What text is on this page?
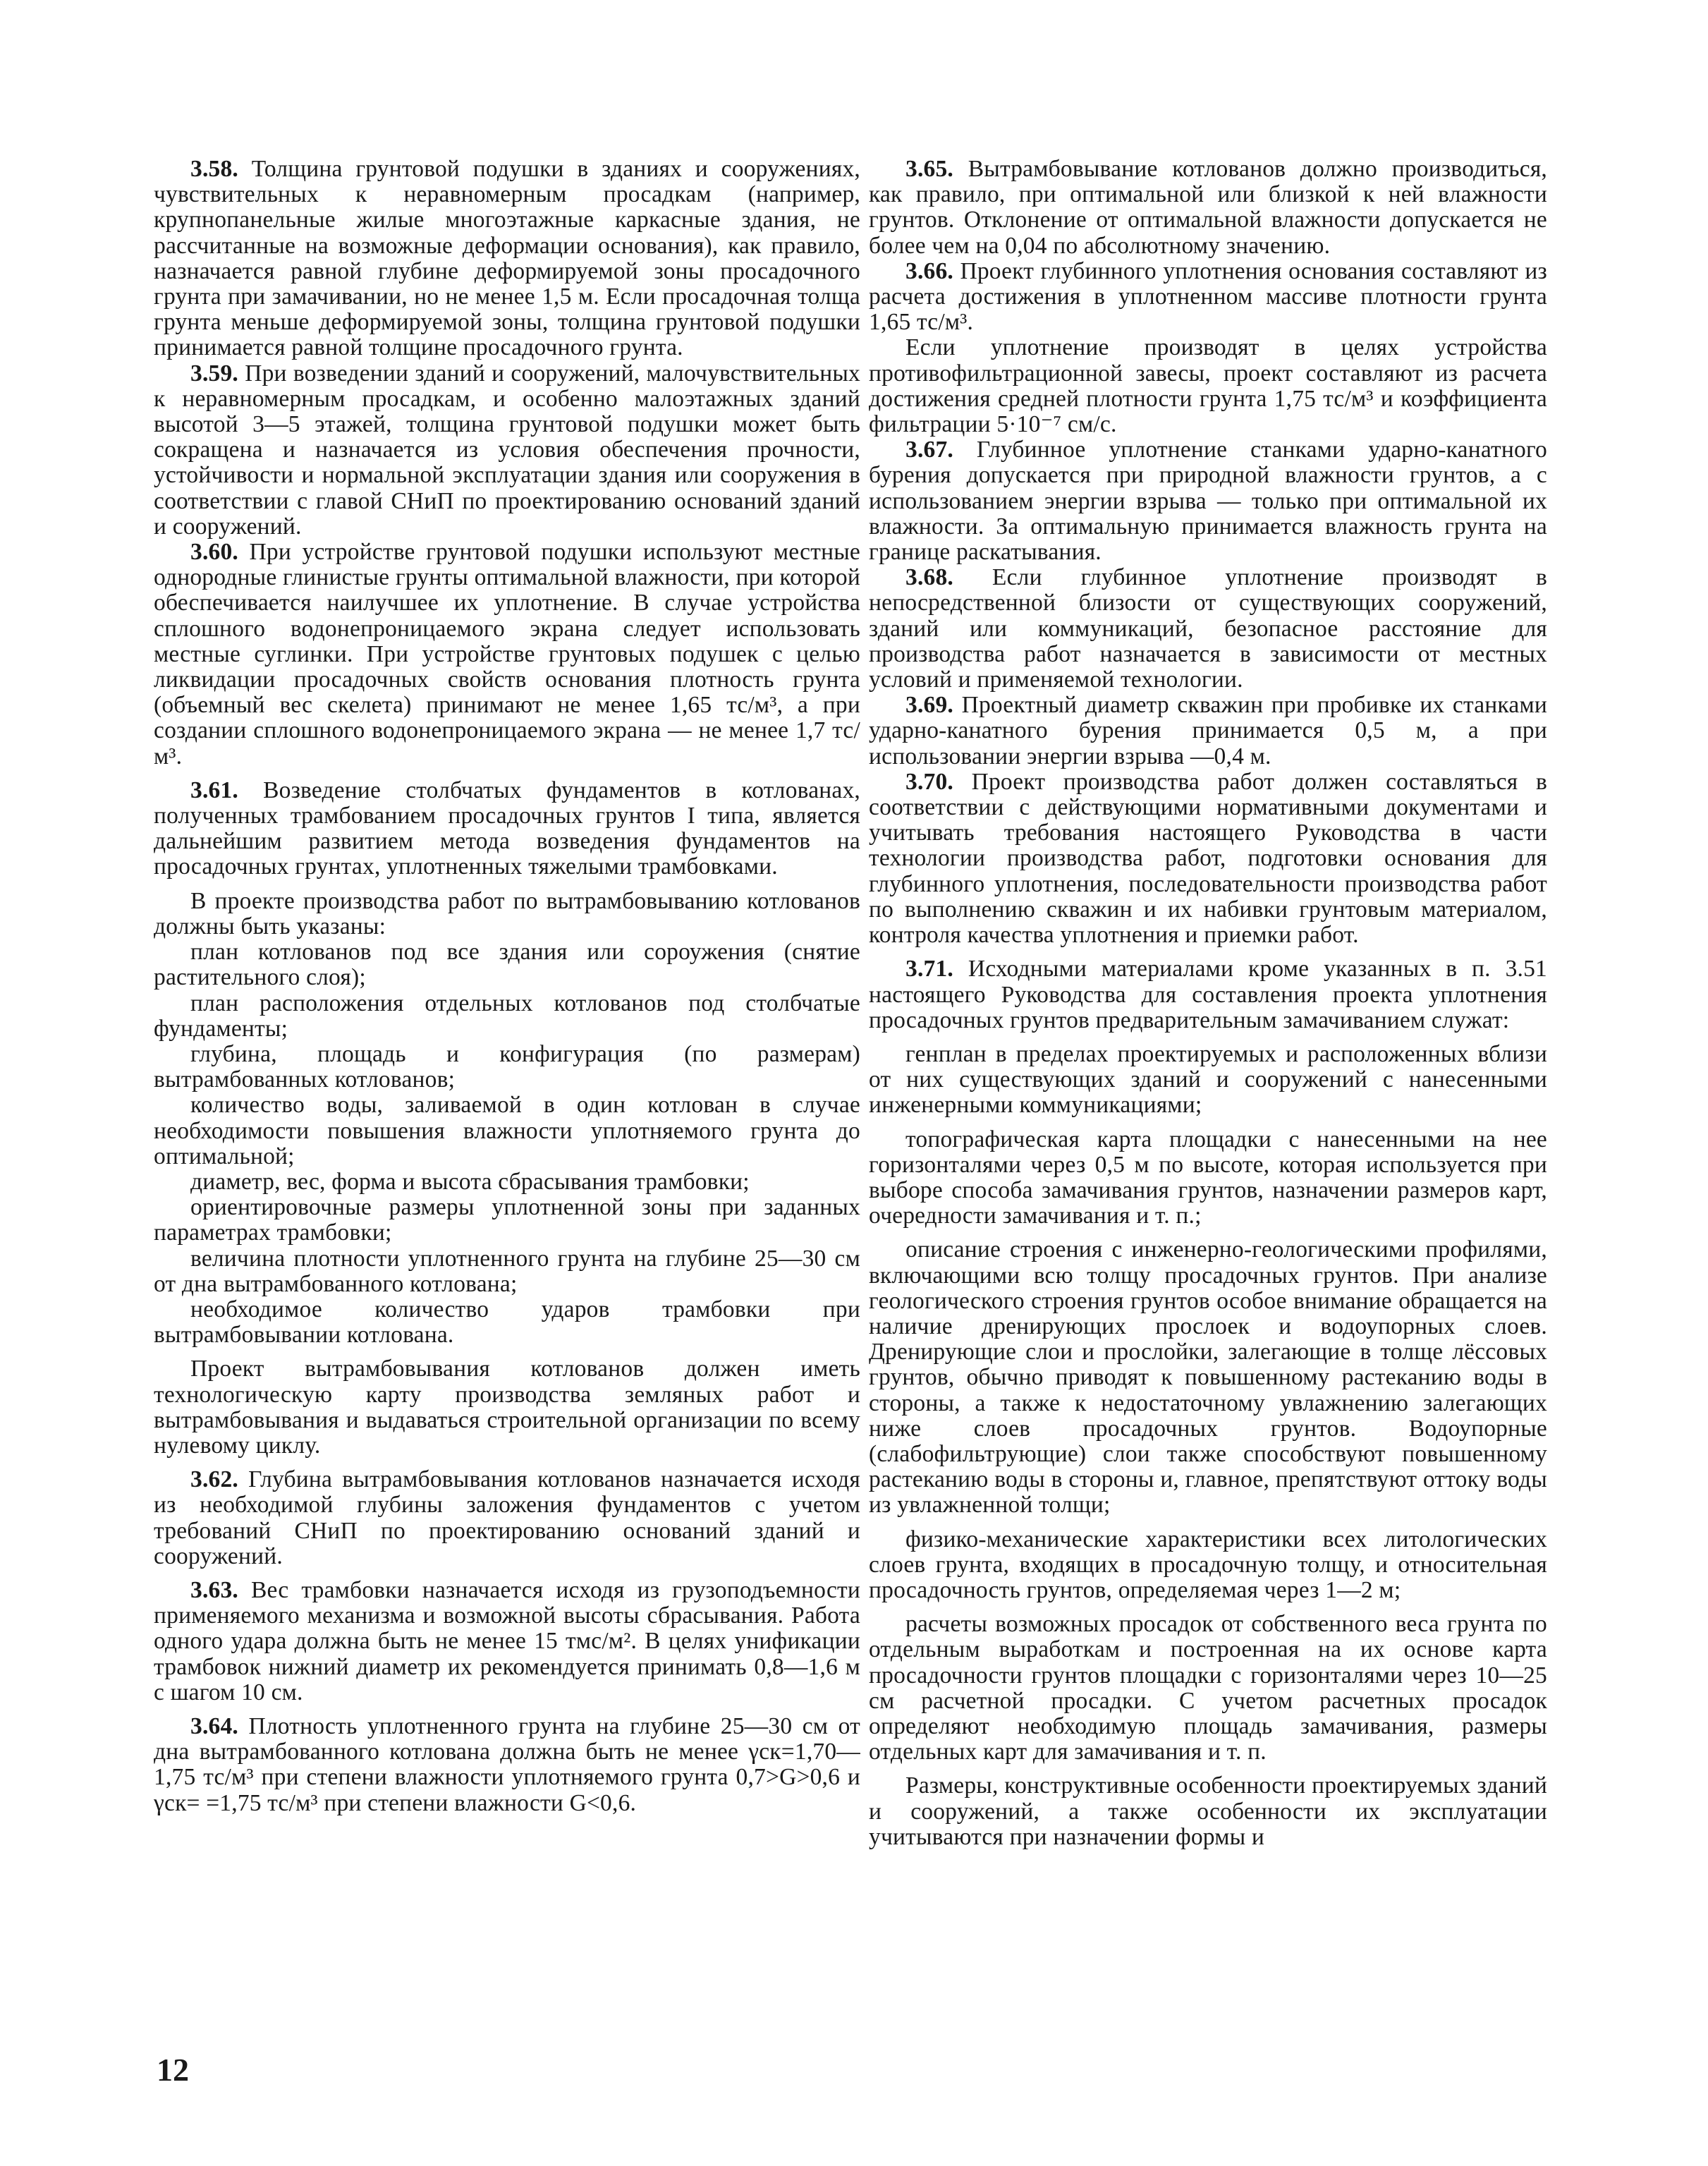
3.58. Толщина грунтовой подушки в зданиях и сооружениях, чувствительных к неравномерным просадкам (например, крупнопанельные жилые многоэтажные каркасные здания, не рассчитанные на возможные деформации основания), как правило, назначается равной глубине деформируемой зоны просадочного грунта при замачивании, но не менее 1,5 м. Если просадочная толща грунта меньше деформируемой зоны, толщина грунтовой подушки принимается равной толщине просадочного грунта.

3.59. При возведении зданий и сооружений, малочувствительных к неравномерным просадкам, и особенно малоэтажных зданий высотой 3—5 этажей, толщина грунтовой подушки может быть сокращена и назначается из условия обеспечения прочности, устойчивости и нормальной эксплуатации здания или сооружения в соответствии с главой СНиП по проектированию оснований зданий и сооружений.

3.60. При устройстве грунтовой подушки используют местные однородные глинистые грунты оптимальной влажности, при которой обеспечивается наилучшее их уплотнение. В случае устройства сплошного водонепроницаемого экрана следует использовать местные суглинки. При устройстве грунтовых подушек с целью ликвидации просадочных свойств основания плотность грунта (объемный вес скелета) принимают не менее 1,65 тс/м³, а при создании сплошного водонепроницаемого экрана — не менее 1,7 тс/м³.

3.61. Возведение столбчатых фундаментов в котлованах, полученных трамбованием просадочных грунтов I типа, является дальнейшим развитием метода возведения фундаментов на просадочных грунтах, уплотненных тяжелыми трамбовками.

В проекте производства работ по вытрамбовыванию котлованов должны быть указаны:

план котлованов под все здания или сороужения (снятие растительного слоя);

план расположения отдельных котлованов под столбчатые фундаменты;

глубина, площадь и конфигурация (по размерам) вытрамбованных котлованов;

количество воды, заливаемой в один котлован в случае необходимости повышения влажности уплотняемого грунта до оптимальной;

диаметр, вес, форма и высота сбрасывания трамбовки;

ориентировочные размеры уплотненной зоны при заданных параметрах трамбовки;

величина плотности уплотненного грунта на глубине 25—30 см от дна вытрамбованного котлована;

необходимое количество ударов трамбовки при вытрамбовывании котлована.

Проект вытрамбовывания котлованов должен иметь технологическую карту производства земляных работ и вытрамбовывания и выдаваться строительной организации по всему нулевому циклу.

3.62. Глубина вытрамбовывания котлованов назначается исходя из необходимой глубины заложения фундаментов с учетом требований СНиП по проектированию оснований зданий и сооружений.

3.63. Вес трамбовки назначается исходя из грузоподъемности применяемого механизма и возможной высоты сбрасывания. Работа одного удара должна быть не менее 15 тмс/м². В целях унификации трамбовок нижний диаметр их рекомендуется принимать 0,8—1,6 м с шагом 10 см.

3.64. Плотность уплотненного грунта на глубине 25—30 см от дна вытрамбованного котлована должна быть не менее γск=1,70—1,75 тс/м³ при степени влажности уплотняемого грунта 0,7>G>0,6 и γск= =1,75 тс/м³ при степени влажности G<0,6.

3.65. Вытрамбовывание котлованов должно производиться, как правило, при оптимальной или близкой к ней влажности грунтов. Отклонение от оптимальной влажности допускается не более чем на 0,04 по абсолютному значению.

3.66. Проект глубинного уплотнения основания составляют из расчета достижения в уплотненном массиве плотности грунта 1,65 тс/м³.

Если уплотнение производят в целях устройства противофильтрационной завесы, проект составляют из расчета достижения средней плотности грунта 1,75 тс/м³ и коэффициента фильтрации 5·10⁻⁷ см/с.

3.67. Глубинное уплотнение станками ударно-канатного бурения допускается при природной влажности грунтов, а с использованием энергии взрыва — только при оптимальной их влажности. За оптимальную принимается влажность грунта на границе раскатывания.

3.68. Если глубинное уплотнение производят в непосредственной близости от существующих сооружений, зданий или коммуникаций, безопасное расстояние для производства работ назначается в зависимости от местных условий и применяемой технологии.

3.69. Проектный диаметр скважин при пробивке их станками ударно-канатного бурения принимается 0,5 м, а при использовании энергии взрыва —0,4 м.

3.70. Проект производства работ должен составляться в соответствии с действующими нормативными документами и учитывать требования настоящего Руководства в части технологии производства работ, подготовки основания для глубинного уплотнения, последовательности производства работ по выполнению скважин и их набивки грунтовым материалом, контроля качества уплотнения и приемки работ.

3.71. Исходными материалами кроме указанных в п. 3.51 настоящего Руководства для составления проекта уплотнения просадочных грунтов предварительным замачиванием служат:

генплан в пределах проектируемых и расположенных вблизи от них существующих зданий и сооружений с нанесенными инженерными коммуникациями;

топографическая карта площадки с нанесенными на нее горизонталями через 0,5 м по высоте, которая используется при выборе способа замачивания грунтов, назначении размеров карт, очередности замачивания и т. п.;

описание строения с инженерно-геологическими профилями, включающими всю толщу просадочных грунтов. При анализе геологического строения грунтов особое внимание обращается на наличие дренирующих прослоек и водоупорных слоев. Дренирующие слои и прослойки, залегающие в толще лёссовых грунтов, обычно приводят к повышенному растеканию воды в стороны, а также к недостаточному увлажнению залегающих ниже слоев просадочных грунтов. Водоупорные (слабофильтрующие) слои также способствуют повышенному растеканию воды в стороны и, главное, препятствуют оттоку воды из увлажненной толщи;

физико-механические характеристики всех литологических слоев грунта, входящих в просадочную толщу, и относительная просадочность грунтов, определяемая через 1—2 м;

расчеты возможных просадок от собственного веса грунта по отдельным выработкам и построенная на их основе карта просадочности грунтов площадки с горизонталями через 10—25 см расчетной просадки. С учетом расчетных просадок определяют необходимую площадь замачивания, размеры отдельных карт для замачивания и т. п.

Размеры, конструктивные особенности проектируемых зданий и сооружений, а также особенности их эксплуатации учитываются при назначении формы и

12
